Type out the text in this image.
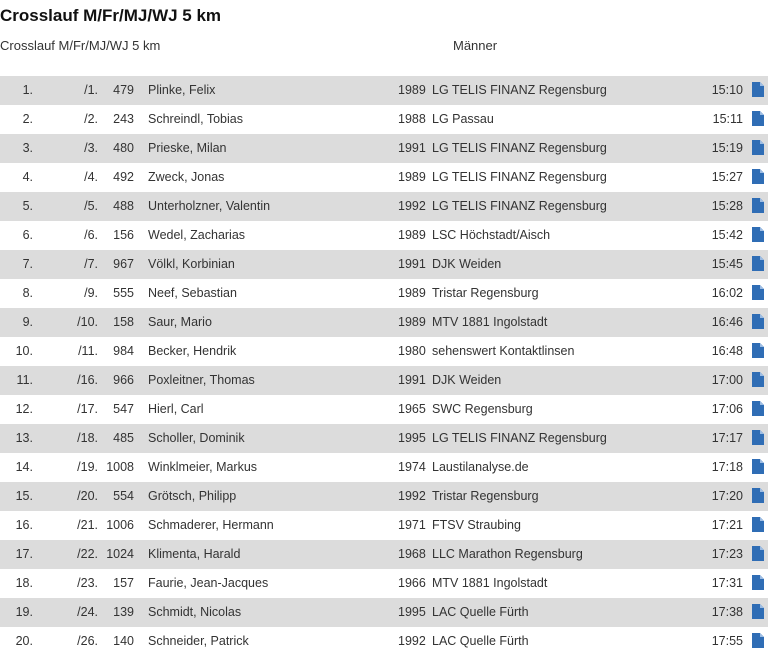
Crosslauf M/Fr/MJ/WJ 5 km
Crosslauf M/Fr/MJ/WJ 5 km	Männer
1.	/1. 479 Plinke, Felix	1989 LG TELIS FINANZ Regensburg	15:10
2.	/2. 243 Schreindl, Tobias	1988 LG Passau	15:11
3.	/3. 480 Prieske, Milan	1991 LG TELIS FINANZ Regensburg	15:19
4.	/4. 492 Zweck, Jonas	1989 LG TELIS FINANZ Regensburg	15:27
5.	/5. 488 Unterholzner, Valentin	1992 LG TELIS FINANZ Regensburg	15:28
6.	/6. 156 Wedel, Zacharias	1989 LSC Höchstadt/Aisch	15:42
7.	/7. 967 Völkl, Korbinian	1991 DJK Weiden	15:45
8.	/9. 555 Neef, Sebastian	1989 Tristar Regensburg	16:02
9.	/10. 158 Saur, Mario	1989 MTV 1881 Ingolstadt	16:46
10.	/11. 984 Becker, Hendrik	1980 sehenswert Kontaktlinsen	16:48
11.	/16. 966 Poxleitner, Thomas	1991 DJK Weiden	17:00
12.	/17. 547 Hierl, Carl	1965 SWC Regensburg	17:06
13.	/18. 485 Scholler, Dominik	1995 LG TELIS FINANZ Regensburg	17:17
14.	/19. 1008 Winklmeier, Markus	1974 Laustilanalyse.de	17:18
15.	/20. 554 Grötsch, Philipp	1992 Tristar Regensburg	17:20
16.	/21. 1006 Schmaderer, Hermann	1971 FTSV Straubing	17:21
17.	/22. 1024 Klimenta, Harald	1968 LLC Marathon Regensburg	17:23
18.	/23. 157 Faurie, Jean-Jacques	1966 MTV 1881 Ingolstadt	17:31
19.	/24. 139 Schmidt, Nicolas	1995 LAC Quelle Fürth	17:38
20.	/26. 140 Schneider, Patrick	1992 LAC Quelle Fürth	17:55
